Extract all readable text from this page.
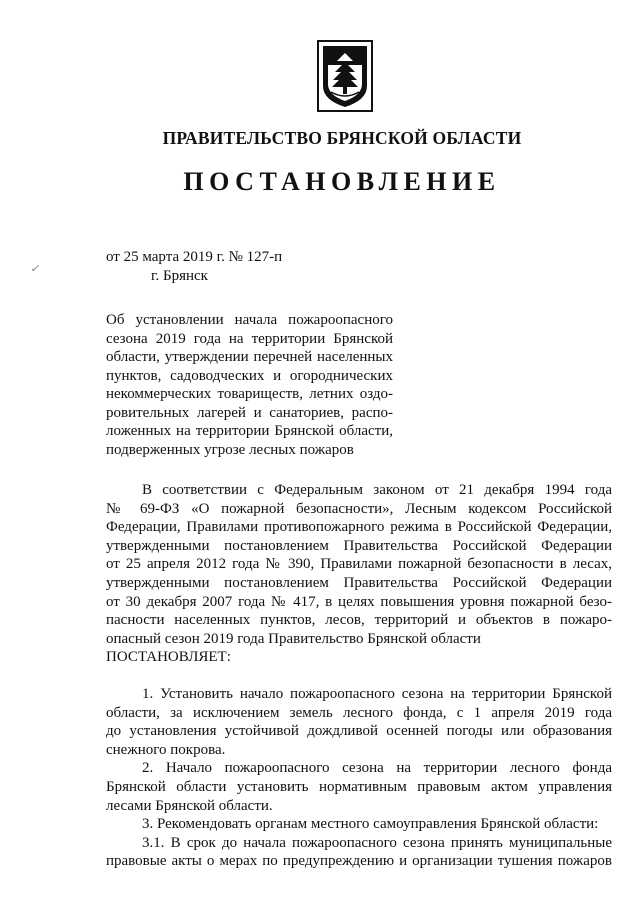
ПРАВИТЕЛЬСТВО БРЯНСКОЙ ОБЛАСТИ
ПОСТАНОВЛЕНИЕ
✓
от 25 марта 2019 г. № 127-п
г. Брянск
Об установлении начала пожароопасного
сезона 2019 года на территории Брянской
области, утверждении перечней населенных
пунктов, садоводческих и огороднических
некоммерческих товариществ, летних оздо-
ровительных лагерей и санаториев, распо-
ложенных на территории Брянской области,
подверженных угрозе лесных пожаров
В соответствии с Федеральным законом от 21 декабря 1994 года
№ 69-ФЗ «О пожарной безопасности», Лесным кодексом Российской
Федерации, Правилами противопожарного режима в Российской Федерации,
утвержденными постановлением Правительства Российской Федерации
от 25 апреля 2012 года № 390, Правилами пожарной безопасности в лесах,
утвержденными постановлением Правительства Российской Федерации
от 30 декабря 2007 года № 417, в целях повышения уровня пожарной безо-
пасности населенных пунктов, лесов, территорий и объектов в пожаро-
опасный сезон 2019 года Правительство Брянской области
ПОСТАНОВЛЯЕТ:
1. Установить начало пожароопасного сезона на территории Брянской
области, за исключением земель лесного фонда, с 1 апреля 2019 года
до установления устойчивой дождливой осенней погоды или образования
снежного покрова.
2. Начало пожароопасного сезона на территории лесного фонда
Брянской области установить нормативным правовым актом управления
лесами Брянской области.
3. Рекомендовать органам местного самоуправления Брянской области:
3.1. В срок до начала пожароопасного сезона принять муниципальные
правовые акты о мерах по предупреждению и организации тушения пожаров
